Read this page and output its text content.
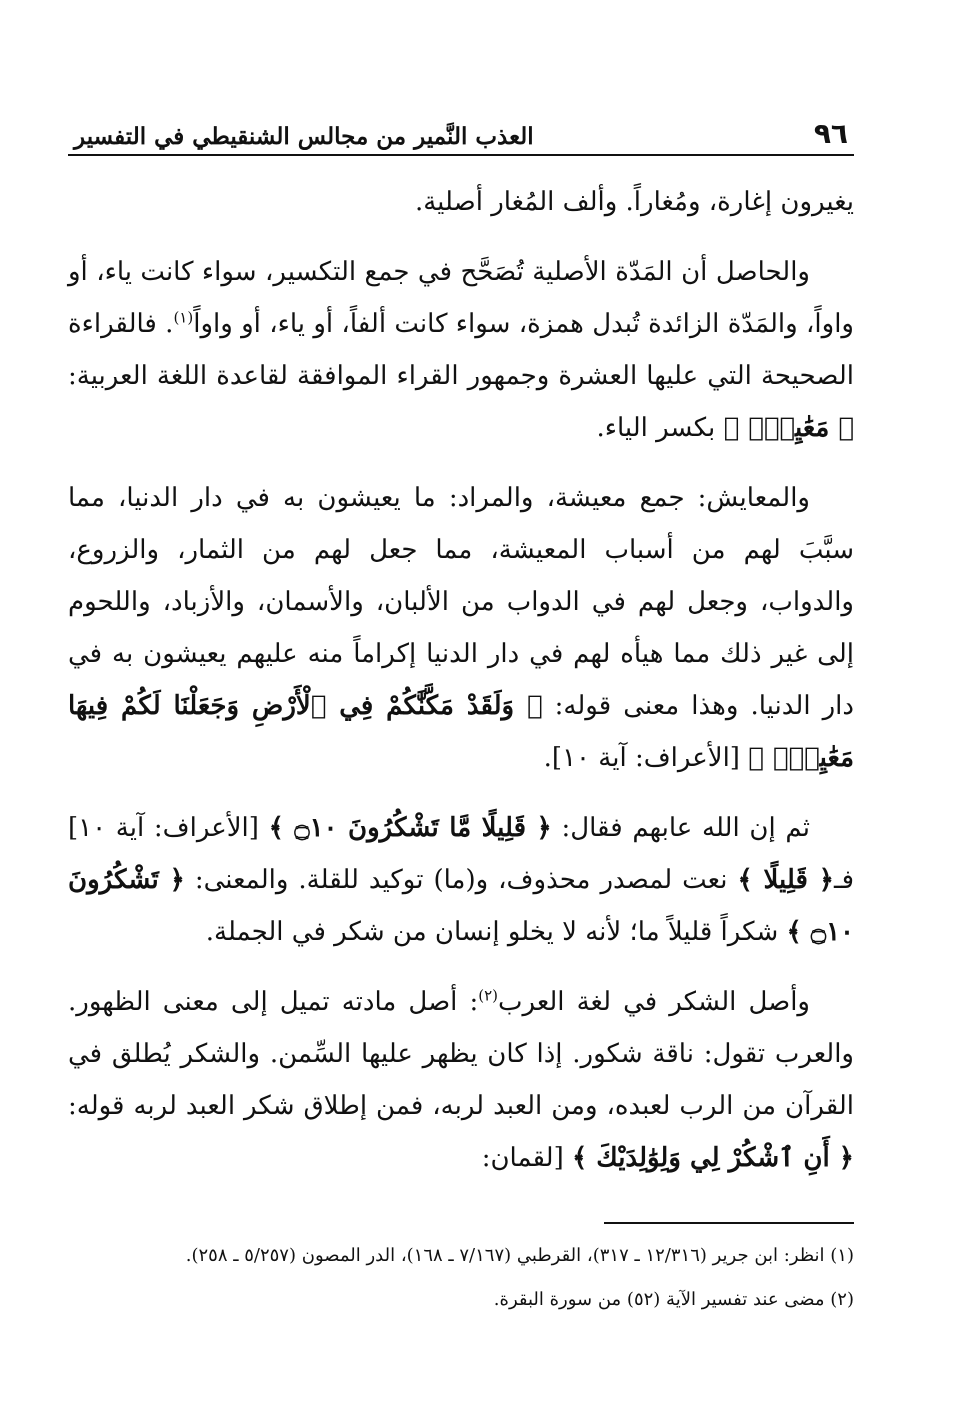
٩٦
العذب النَّمير من مجالس الشنقيطي في التفسير

يغيرون إغارة، ومُغاراً. وألف المُغار أصلية.

والحاصل أن المَدّة الأصلية تُصَحَّح في جمع التكسير، سواء كانت ياء، أو واواً، والمَدّة الزائدة تُبدل همزة، سواء كانت ألفاً، أو ياء، أو واواً$^{(١)}$. فالقراءة الصحيحة التي عليها العشرة وجمهور القراء الموافقة لقاعدة اللغة العربية: ﴿ مَعَٰيِشَۗ ﴾ بكسر الياء.

والمعايش: جمع معيشة، والمراد: ما يعيشون به في دار الدنيا، مما سبَّبَ لهم من أسباب المعيشة، مما جعل لهم من الثمار، والزروع، والدواب، وجعل لهم في الدواب من الألبان، والأسمان، والأزباد، واللحوم إلى غير ذلك مما هيأه لهم في دار الدنيا إكراماً منه عليهم يعيشون به في دار الدنيا. وهذا معنى قوله: ﴿ وَلَقَدْ مَكَّنَّٰكُمْ فِي ٱلْأَرْضِ وَجَعَلْنَا لَكُمْ فِيهَا مَعَٰيِشَۗ ﴾ [الأعراف: آية ١٠].

ثم إن الله عابهم فقال: ﴿ قَلِيلًا مَّا تَشْكُرُونَ ۝١٠ ﴾ [الأعراف: آية ١٠] فـ﴿ قَلِيلًا ﴾ نعت لمصدر محذوف، و(ما) توكيد للقلة. والمعنى: ﴿ تَشْكُرُونَ ۝١٠ ﴾ شكراً قليلاً ما؛ لأنه لا يخلو إنسان من شكر في الجملة.

وأصل الشكر في لغة العرب$^{(٢)}$: أصل مادته تميل إلى معنى الظهور. والعرب تقول: ناقة شكور. إذا كان يظهر عليها السِّمن. والشكر يُطلق في القرآن من الرب لعبده، ومن العبد لربه، فمن إطلاق شكر العبد لربه قوله: ﴿ أَنِ ٱشْكُرْ لِي وَلِوَٰلِدَيْكَ ﴾ [لقمان:

(١) انظر: ابن جرير (١٢/٣١٦ ـ ٣١٧)، القرطبي (٧/١٦٧ ـ ١٦٨)، الدر المصون (٥/٢٥٧ ـ ٢٥٨).

(٢) مضى عند تفسير الآية (٥٢) من سورة البقرة.
